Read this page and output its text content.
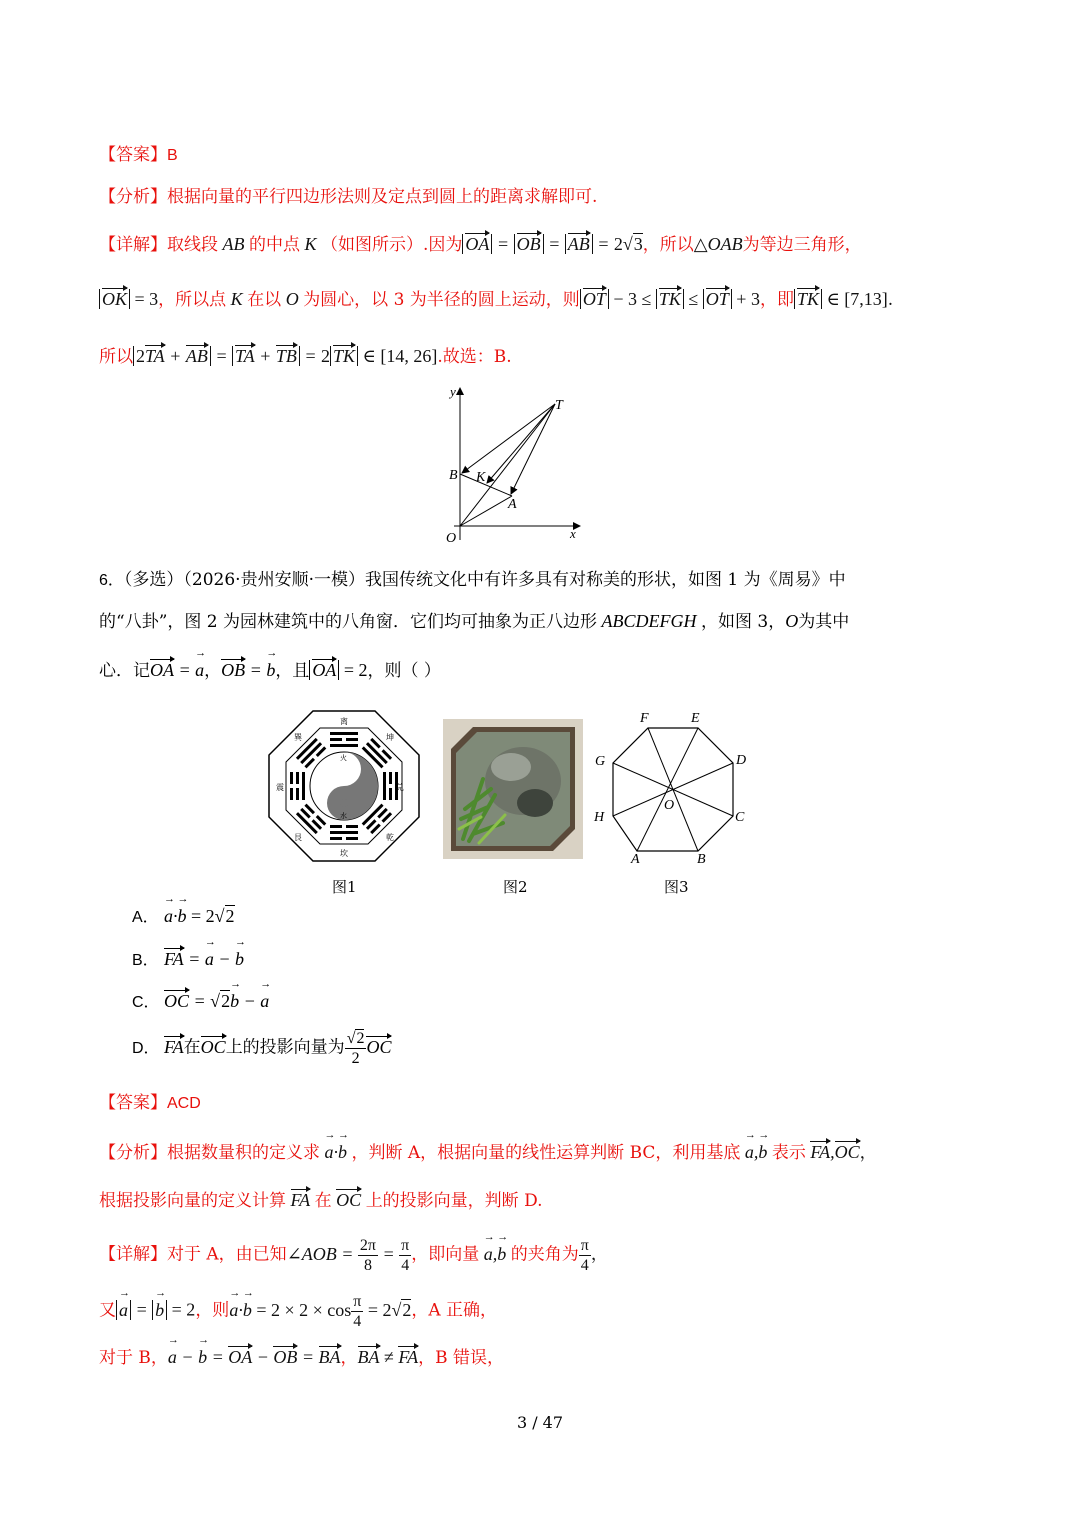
【答案】B
【分析】根据向量的平行四边形法则及定点到圆上的距离求解即可.
【详解】取线段 AB 的中点 K （如图所示）.因为 OA = OB = AB = 2√3，所以△OAB为等边三角形，
OK = 3，所以点 K 在以 O 为圆心，以 3 为半径的圆上运动，则 OT − 3 ≤ TK ≤ OT + 3，即 TK ∈ [7,13].
所以 2TA + AB = TA + TB = 2 TK ∈ [14, 26].故选：B.
y
x
O
T
B K
A
6．（多选）（2026·贵州安顺·一模）我国传统文化中有许多具有对称美的形状，如图 1 为《周易》中
的“八卦”，图 2 为园林建筑中的八角窗．它们均可抽象为正八边形 ABCDEFGH ，如图 3，O为其中
心．记OA = → a，OB = → b，且 OA = 2，则（ ）
震
离
兑
乾
巽
坎
艮
坤
火
水
A	B
C
D
E
F
G
H
O
图1	图2	图3
A． → a·→ b = 2√2
B． FA = → a − → b
C． OC = √2→ b − → a
D． FA在OC上的投影向量为 $\frac{√2}{2}$ OC
【答案】ACD
【分析】根据数量积的定义求 → a·→ b ，判断 A，根据向量的线性运算判断 BC，利用基底 → a,→ b 表示 FA,OC，
根据投影向量的定义计算 FA 在 OC 上的投影向量，判断 D.
【详解】对于 A，由已知∠AOB = $\frac{2\pi}{8} = \frac{\pi}{4}$ ，即向量 → a,→ b 的夹角为 $\frac{\pi}{4}$ ，
又 → a = → b = 2，则→ $a\cdot\to b = 2 \times 2 \times \cos \frac{\pi}{4} = 2√2$，A 正确，
对于 B，→ a − → b = OA − OB = BA，BA ≠ FA，B 错误，
3 / 47
